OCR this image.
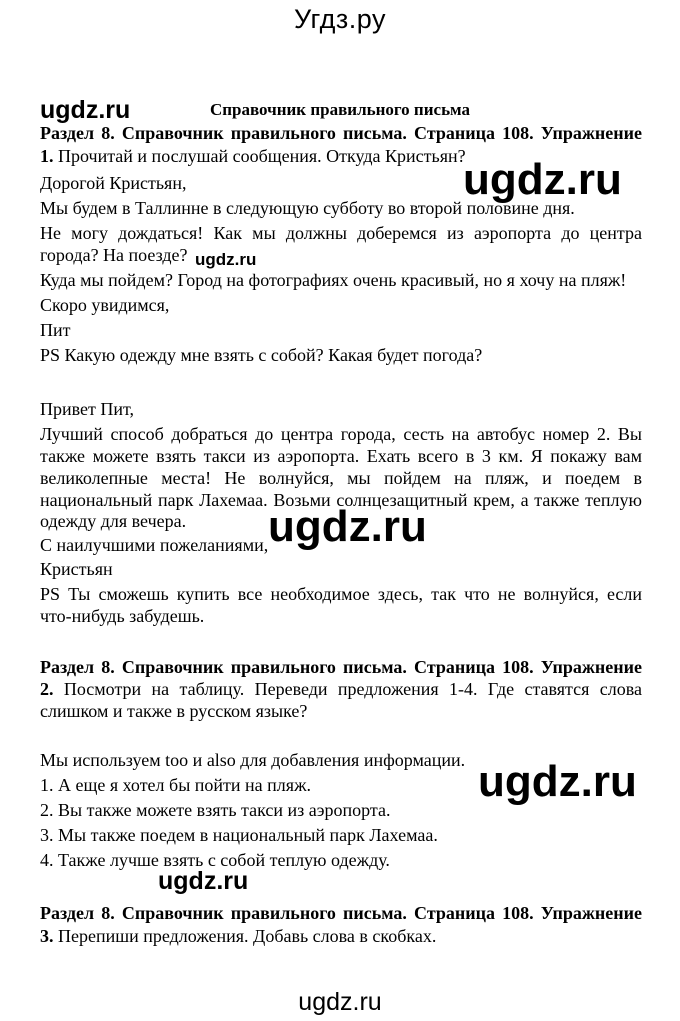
Угдз.ру
ugdz.ru	Справочник правильного письма
Раздел 8. Справочник правильного письма. Страница 108. Упражнение
1. Прочитай и послушай сообщения. Откуда Кристьян?
ugdz.ru
Дорогой Кристьян,
Мы будем в Таллинне в следующую субботу во второй половине дня.
Не могу дождаться! Как мы должны доберемся из аэропорта до центра
города? На поезде? ugdz.ru
Куда мы пойдем? Город на фотографиях очень красивый, но я хочу на пляж!
Скоро увидимся,
Пит
PS Какую одежду мне взять с собой? Какая будет погода?
Привет Пит,
Лучший способ добраться до центра города, сесть на автобус номер 2. Вы
также можете взять такси из аэропорта. Ехать всего в 3 км. Я покажу вам
великолепные места! Не волнуйся, мы пойдем на пляж, и поедем в
национальный парк Лахемаа. Возьми солнцезащитный крем, а также теплую
одежду для вечера.	ugdz.ru
С наилучшими пожеланиями,
Кристьян
PS Ты сможешь купить все необходимое здесь, так что не волнуйся, если
что-нибудь забудешь.
Раздел 8. Справочник правильного письма. Страница 108. Упражнение
2. Посмотри на таблицу. Переведи предложения 1-4. Где ставятся слова
слишком и также в русском языке?
Мы используем too и also для добавления информации. ugdz.ru
1. А еще я хотел бы пойти на пляж.
2. Вы также можете взять такси из аэропорта.
3. Мы также поедем в национальный парк Лахемаа.
4. Также лучше взять с собой теплую одежду.
ugdz.ru
Раздел 8. Справочник правильного письма. Страница 108. Упражнение
3. Перепиши предложения. Добавь слова в скобках.
ugdz.ru
